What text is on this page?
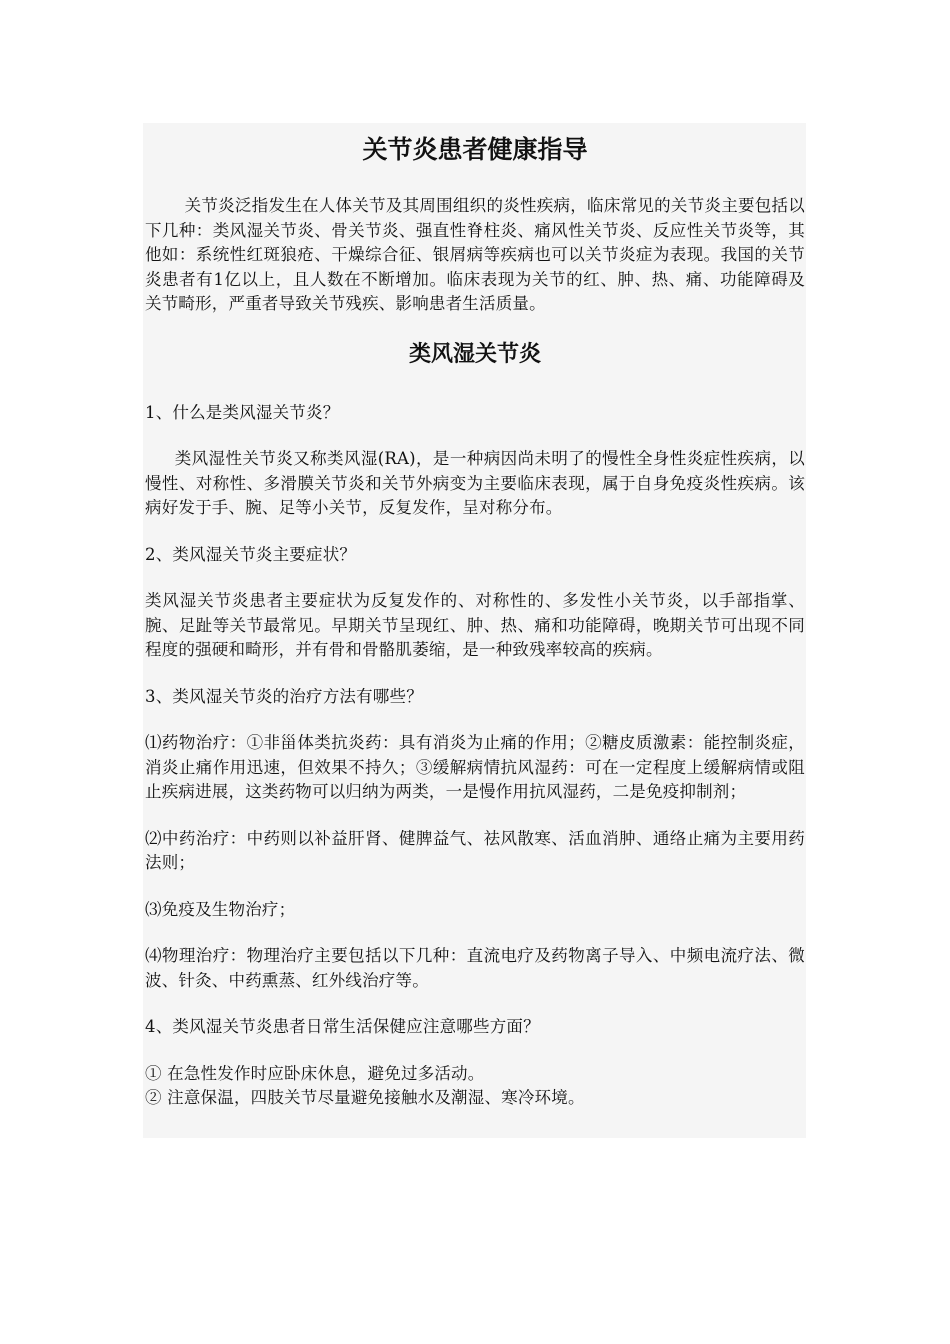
关节炎患者健康指导

关节炎泛指发生在人体关节及其周围组织的炎性疾病，临床常见的关节炎主要包括以下几种：类风湿关节炎、骨关节炎、强直性脊柱炎、痛风性关节炎、反应性关节炎等，其他如：系统性红斑狼疮、干燥综合征、银屑病等疾病也可以关节炎症为表现。我国的关节炎患者有1亿以上，且人数在不断增加。临床表现为关节的红、肿、热、痛、功能障碍及关节畸形，严重者导致关节残疾、影响患者生活质量。

类风湿关节炎

1、什么是类风湿关节炎？

类风湿性关节炎又称类风湿(RA)，是一种病因尚未明了的慢性全身性炎症性疾病，以慢性、对称性、多滑膜关节炎和关节外病变为主要临床表现，属于自身免疫炎性疾病。该病好发于手、腕、足等小关节，反复发作，呈对称分布。

2、类风湿关节炎主要症状？

类风湿关节炎患者主要症状为反复发作的、对称性的、多发性小关节炎，以手部指掌、腕、足趾等关节最常见。早期关节呈现红、肿、热、痛和功能障碍，晚期关节可出现不同程度的强硬和畸形，并有骨和骨骼肌萎缩，是一种致残率较高的疾病。

3、类风湿关节炎的治疗方法有哪些？

⑴药物治疗：①非甾体类抗炎药：具有消炎为止痛的作用；②糖皮质激素：能控制炎症，消炎止痛作用迅速，但效果不持久；③缓解病情抗风湿药：可在一定程度上缓解病情或阻止疾病进展，这类药物可以归纳为两类，一是慢作用抗风湿药，二是免疫抑制剂；

⑵中药治疗：中药则以补益肝肾、健脾益气、祛风散寒、活血消肿、通络止痛为主要用药法则；

⑶免疫及生物治疗；

⑷物理治疗：物理治疗主要包括以下几种：直流电疗及药物离子导入、中频电流疗法、微波、针灸、中药熏蒸、红外线治疗等。

4、类风湿关节炎患者日常生活保健应注意哪些方面？

① 在急性发作时应卧床休息，避免过多活动。

② 注意保温，四肢关节尽量避免接触水及潮湿、寒冷环境。
